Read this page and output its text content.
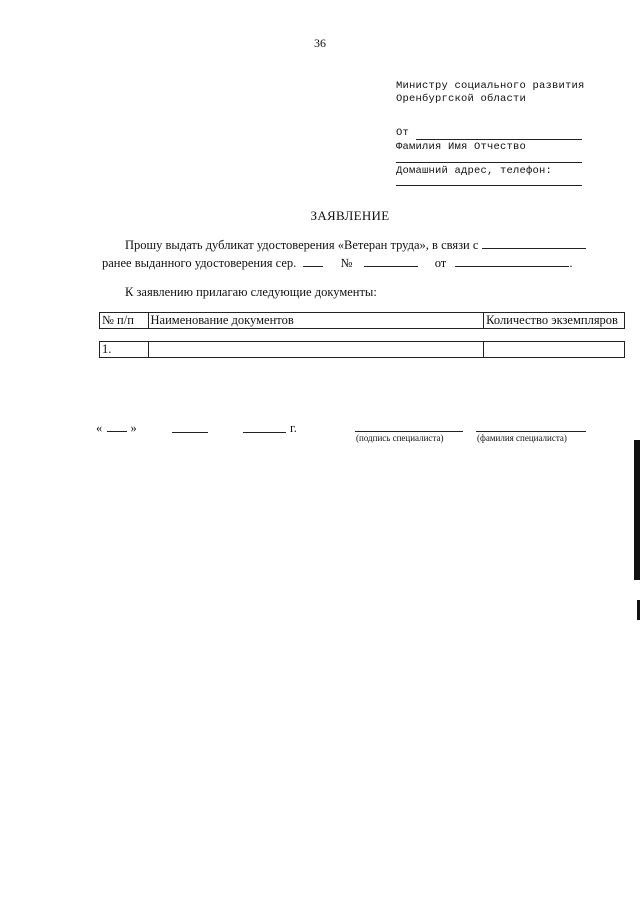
36
Министру социального развития
Оренбургской области
От
Фамилия Имя Отчество
Домашний адрес, телефон:
ЗАЯВЛЕНИЕ
Прошу выдать дубликат удостоверения «Ветеран труда», в связи с
ранее выданного удостоверения сер.	№	от	.
К заявлению прилагаю следующие документы:
№ п/п	Наименование документов	Количество экземпляров

1.		
« »	г.
(подпись специалиста)	(фамилия специалиста)
